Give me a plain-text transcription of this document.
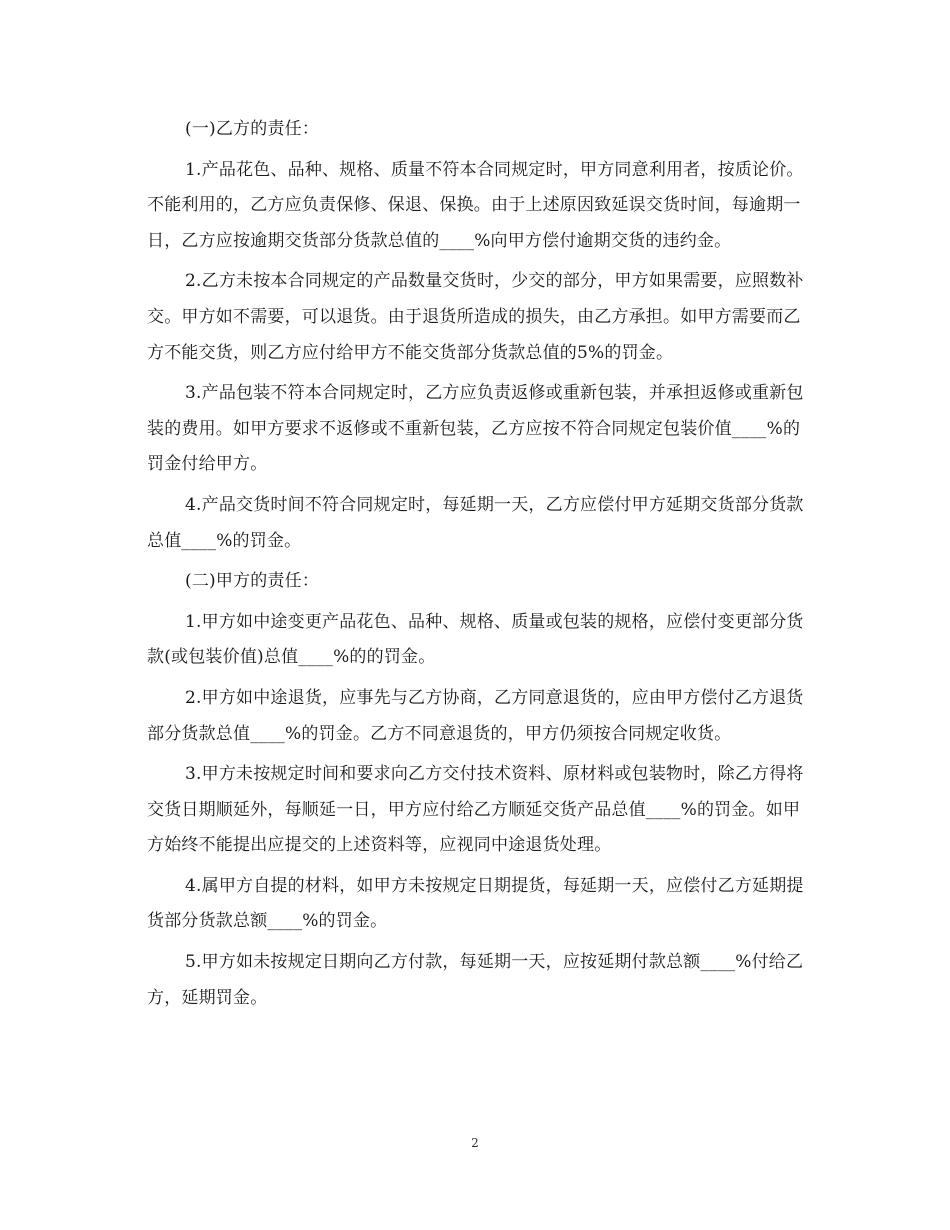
(一)乙方的责任：

1.产品花色、品种、规格、质量不符本合同规定时，甲方同意利用者，按质论价。不能利用的，乙方应负责保修、保退、保换。由于上述原因致延误交货时间，每逾期一日，乙方应按逾期交货部分货款总值的____%向甲方偿付逾期交货的违约金。

2.乙方未按本合同规定的产品数量交货时，少交的部分，甲方如果需要，应照数补交。甲方如不需要，可以退货。由于退货所造成的损失，由乙方承担。如甲方需要而乙方不能交货，则乙方应付给甲方不能交货部分货款总值的5%的罚金。

3.产品包装不符本合同规定时，乙方应负责返修或重新包装，并承担返修或重新包装的费用。如甲方要求不返修或不重新包装，乙方应按不符合同规定包装价值____%的罚金付给甲方。

4.产品交货时间不符合同规定时，每延期一天，乙方应偿付甲方延期交货部分货款总值____%的罚金。

(二)甲方的责任：

1.甲方如中途变更产品花色、品种、规格、质量或包装的规格，应偿付变更部分货款(或包装价值)总值____%的的罚金。

2.甲方如中途退货，应事先与乙方协商，乙方同意退货的，应由甲方偿付乙方退货部分货款总值____%的罚金。乙方不同意退货的，甲方仍须按合同规定收货。

3.甲方未按规定时间和要求向乙方交付技术资料、原材料或包装物时，除乙方得将交货日期顺延外，每顺延一日，甲方应付给乙方顺延交货产品总值____%的罚金。如甲方始终不能提出应提交的上述资料等，应视同中途退货处理。

4.属甲方自提的材料，如甲方未按规定日期提货，每延期一天，应偿付乙方延期提货部分货款总额____%的罚金。

5.甲方如未按规定日期向乙方付款，每延期一天，应按延期付款总额____%付给乙方，延期罚金。

2
